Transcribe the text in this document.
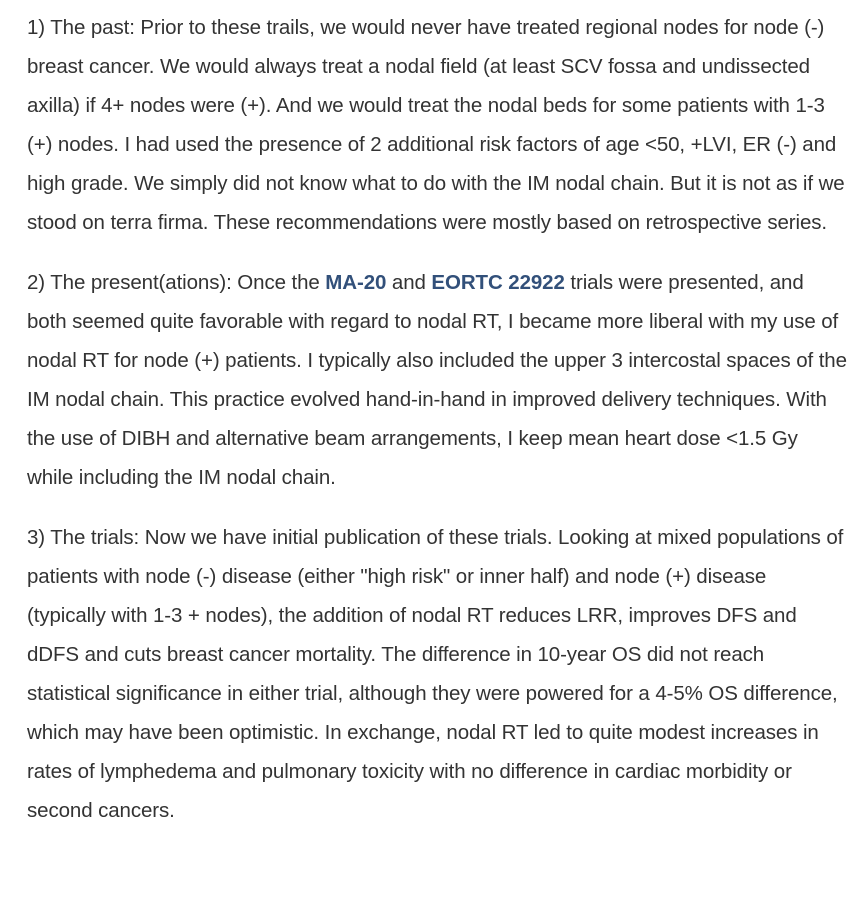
1) The past: Prior to these trails, we would never have treated regional nodes for node (-) breast cancer. We would always treat a nodal field (at least SCV fossa and undissected axilla) if 4+ nodes were (+). And we would treat the nodal beds for some patients with 1-3 (+) nodes. I had used the presence of 2 additional risk factors of age <50, +LVI, ER (-) and high grade. We simply did not know what to do with the IM nodal chain. But it is not as if we stood on terra firma. These recommendations were mostly based on retrospective series.

2) The present(ations): Once the MA-20 and EORTC 22922 trials were presented, and both seemed quite favorable with regard to nodal RT, I became more liberal with my use of nodal RT for node (+) patients. I typically also included the upper 3 intercostal spaces of the IM nodal chain. This practice evolved hand-in-hand in improved delivery techniques. With the use of DIBH and alternative beam arrangements, I keep mean heart dose <1.5 Gy while including the IM nodal chain.

3) The trials: Now we have initial publication of these trials. Looking at mixed populations of patients with node (-) disease (either "high risk" or inner half) and node (+) disease (typically with 1-3 + nodes), the addition of nodal RT reduces LRR, improves DFS and dDFS and cuts breast cancer mortality. The difference in 10-year OS did not reach statistical significance in either trial, although they were powered for a 4-5% OS difference, which may have been optimistic. In exchange, nodal RT led to quite modest increases in rates of lymphedema and pulmonary toxicity with no difference in cardiac morbidity or second cancers.
